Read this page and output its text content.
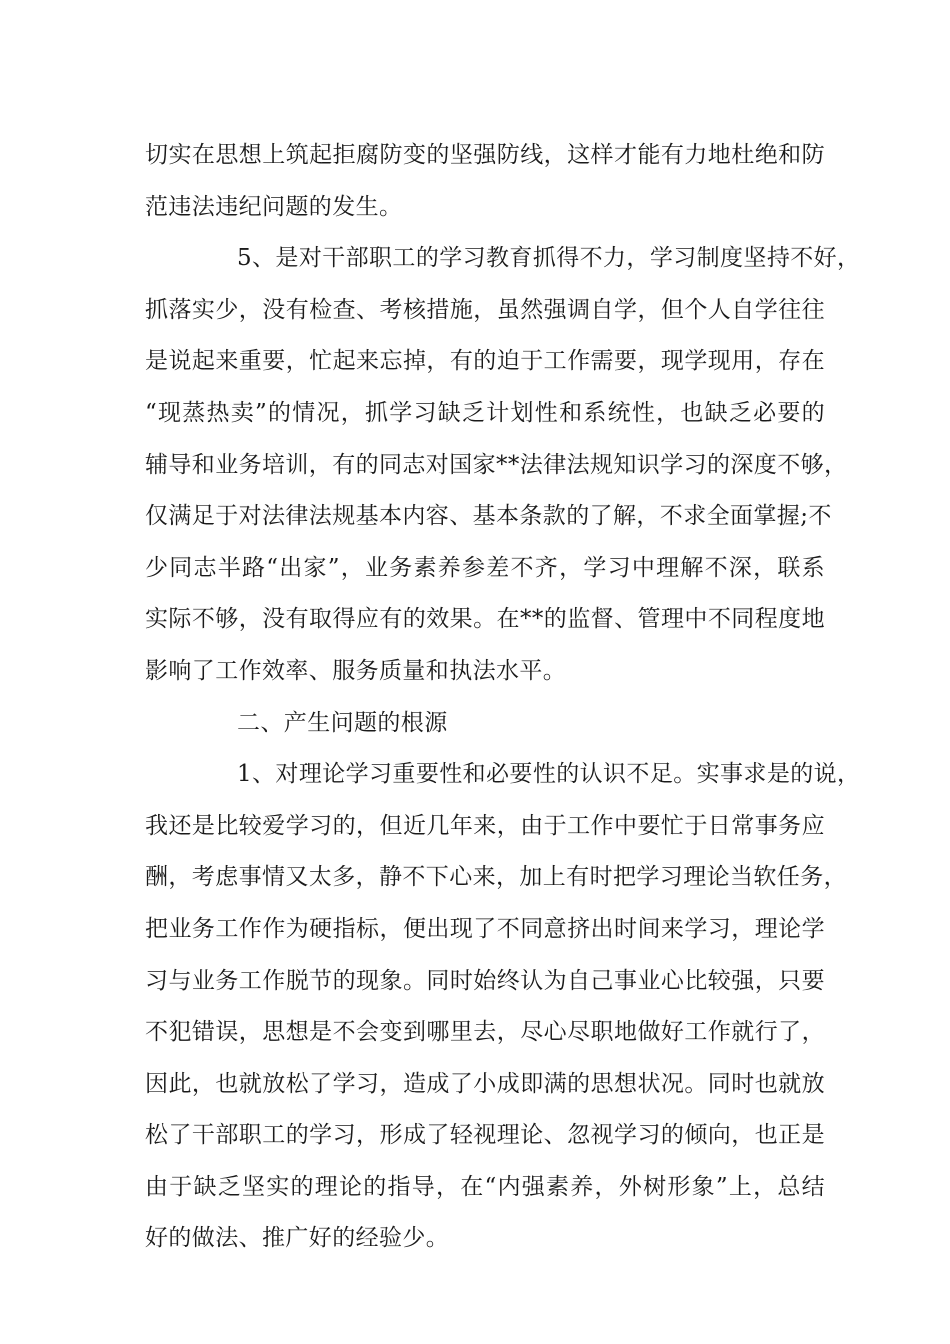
切实在思想上筑起拒腐防变的坚强防线，这样才能有力地杜绝和防
范违法违纪问题的发生。
5、是对干部职工的学习教育抓得不力，学习制度坚持不好，
抓落实少，没有检查、考核措施，虽然强调自学，但个人自学往往
是说起来重要，忙起来忘掉，有的迫于工作需要，现学现用，存在
“现蒸热卖”的情况，抓学习缺乏计划性和系统性，也缺乏必要的
辅导和业务培训，有的同志对国家**法律法规知识学习的深度不够，
仅满足于对法律法规基本内容、基本条款的了解，不求全面掌握;不
少同志半路“出家”，业务素养参差不齐，学习中理解不深，联系
实际不够，没有取得应有的效果。在**的监督、管理中不同程度地
影响了工作效率、服务质量和执法水平。
二、产生问题的根源
1、对理论学习重要性和必要性的认识不足。实事求是的说，
我还是比较爱学习的，但近几年来，由于工作中要忙于日常事务应
酬，考虑事情又太多，静不下心来，加上有时把学习理论当软任务，
把业务工作作为硬指标，便出现了不同意挤出时间来学习，理论学
习与业务工作脱节的现象。同时始终认为自己事业心比较强，只要
不犯错误，思想是不会变到哪里去，尽心尽职地做好工作就行了，
因此，也就放松了学习，造成了小成即满的思想状况。同时也就放
松了干部职工的学习，形成了轻视理论、忽视学习的倾向，也正是
由于缺乏坚实的理论的指导，在“内强素养，外树形象”上，总结
好的做法、推广好的经验少。
